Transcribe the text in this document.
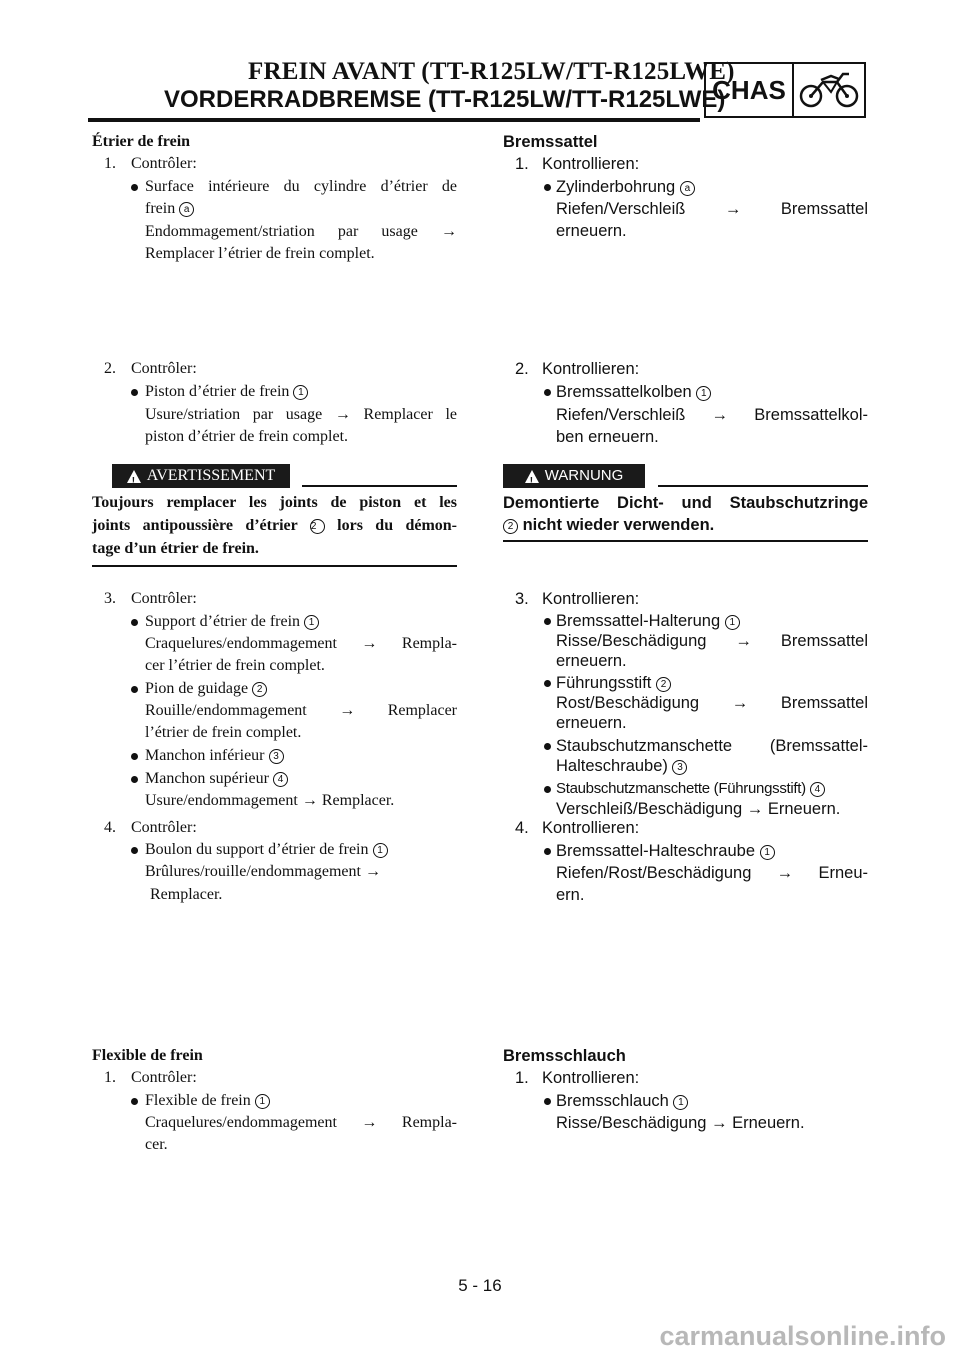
FREIN AVANT (TT-R125LW/TT-R125LWE)
VORDERRADBREMSE (TT-R125LW/TT-R125LWE)
CHAS
Étrier de frein
1. Contrôler:
Surface intérieure du cylindre d’étrier de
frein a
Endommagement/striation par usage →
Remplacer l’étrier de frein complet.
2. Contrôler:
Piston d’étrier de frein 1
Usure/striation par usage → Remplacer le
piston d’étrier de frein complet.
!
AVERTISSEMENT
Toujours remplacer les joints de piston et les
joints antipoussière d’étrier 2 lors du démon-
tage d’un étrier de frein.
3. Contrôler:
Support d’étrier de frein 1
Craquelures/endommagement → Rempla-
cer l’étrier de frein complet.
Pion de guidage 2
Rouille/endommagement → Remplacer
l’étrier de frein complet.
Manchon inférieur 3
Manchon supérieur 4
Usure/endommagement → Remplacer.
4. Contrôler:
Boulon du support d’étrier de frein 1
Brûlures/rouille/endommagement →
Remplacer.
Flexible de frein
1. Contrôler:
Flexible de frein 1
Craquelures/endommagement → Rempla-
cer.
Bremssattel
1. Kontrollieren:
Zylinderbohrung a
Riefen/Verschleiß → Bremssattel
erneuern.
2. Kontrollieren:
Bremssattelkolben 1
Riefen/Verschleiß → Bremssattelkol-
ben erneuern.
!
WARNUNG
Demontierte Dicht- und Staubschutzringe
2 nicht wieder verwenden.
3. Kontrollieren:
Bremssattel-Halterung 1
Risse/Beschädigung → Bremssattel
erneuern.
Führungsstift 2
Rost/Beschädigung → Bremssattel
erneuern.
Staubschutzmanschette (Bremssattel-
Halteschraube) 3
Staubschutzmanschette (Führungsstift) 4
Verschleiß/Beschädigung → Erneuern.
4. Kontrollieren:
Bremssattel-Halteschraube 1
Riefen/Rost/Beschädigung → Erneu-
ern.
Bremsschlauch
1. Kontrollieren:
Bremsschlauch 1
Risse/Beschädigung → Erneuern.
5 - 16
carmanualsonline.info
